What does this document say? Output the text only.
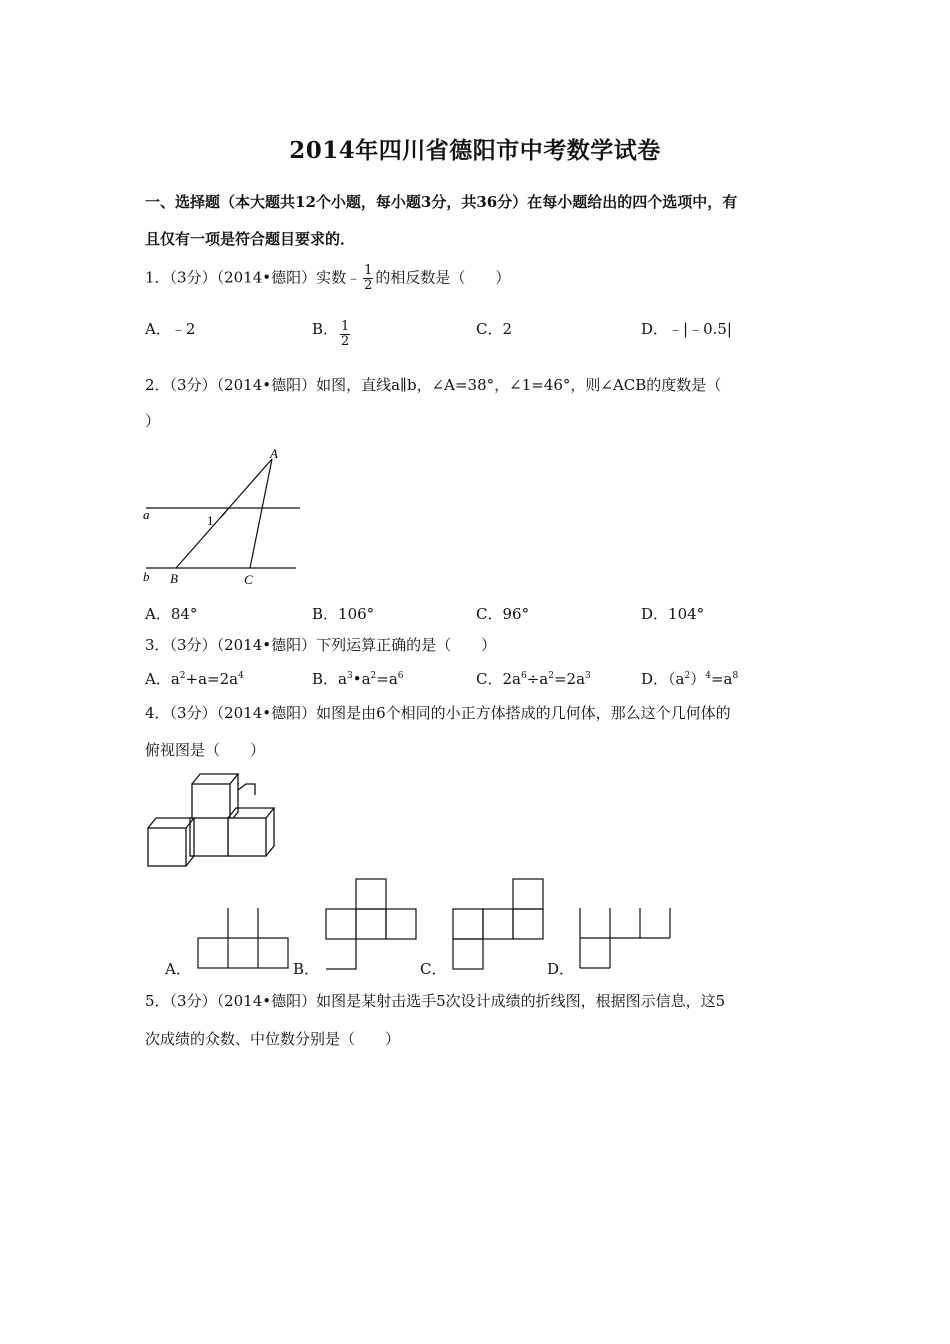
2014年四川省德阳市中考数学试卷
一、选择题（本大题共12个小题，每小题3分，共36分）在每小题给出的四个选项中，有
且仅有一项是符合题目要求的．
1．（3分）（2014•德阳）实数﹣ $\frac{1}{2}$ 的相反数是（　　）
A．﹣2	B． $\frac{1}{2}$	C．2	D．﹣|﹣0.5|
2．（3分）（2014•德阳）如图，直线a∥b，∠A=38°，∠1=46°，则∠ACB的度数是（
）
A
a	1
b B	C
A．84°	B．106°	C．96°	D．104°
3．（3分）（2014•德阳）下列运算正确的是（　　）
A．$a^2+a=2a^4$	B．$a^3•a^2=a^6$	C．$2a^6\div a^2=2a^3$	D．$(a^2)^4=a^8$
4．（3分）（2014•德阳）如图是由6个相同的小正方体搭成的几何体，那么这个几何体的
俯视图是（　　）
A．	B．	C．	D．
5．（3分）（2014•德阳）如图是某射击选手5次设计成绩的折线图，根据图示信息，这5
次成绩的众数、中位数分别是（　　）
